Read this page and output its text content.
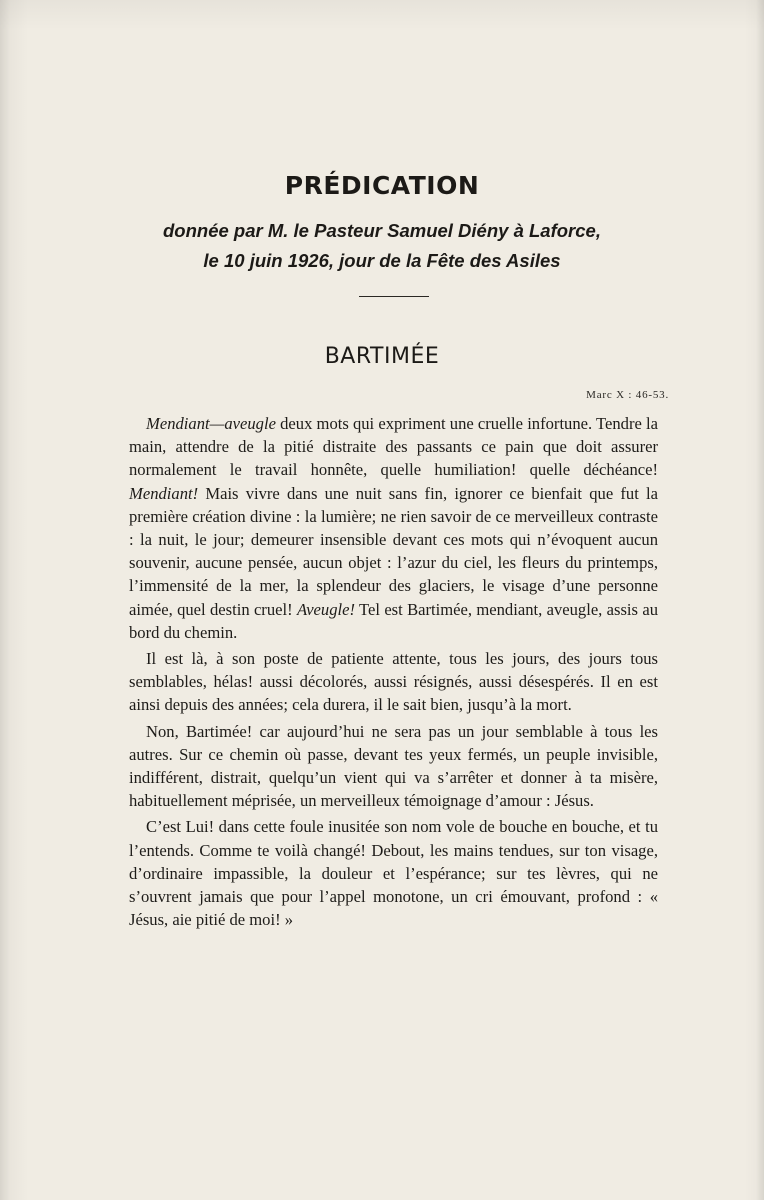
PRÉDICATION
donnée par M. le Pasteur Samuel Diény à Laforce,
le 10 juin 1926, jour de la Fête des Asiles
BARTIMÉE
Marc X : 46-53.

Mendiant—aveugle deux mots qui expriment une cruelle infortune. Tendre la main, attendre de la pitié distraite des passants ce pain que doit assurer normalement le travail honnête, quelle humiliation! quelle déchéance! Mendiant! Mais vivre dans une nuit sans fin, ignorer ce bienfait que fut la première création divine : la lumière; ne rien savoir de ce merveilleux contraste : la nuit, le jour; demeurer insensible devant ces mots qui n’évoquent aucun souvenir, aucune pensée, aucun objet : l’azur du ciel, les fleurs du printemps, l’immensité de la mer, la splendeur des glaciers, le visage d’une personne aimée, quel destin cruel! Aveugle! Tel est Bartimée, mendiant, aveugle, assis au bord du chemin.

Il est là, à son poste de patiente attente, tous les jours, des jours tous semblables, hélas! aussi décolorés, aussi résignés, aussi désespérés. Il en est ainsi depuis des années; cela durera, il le sait bien, jusqu’à la mort.

Non, Bartimée! car aujourd’hui ne sera pas un jour semblable à tous les autres. Sur ce chemin où passe, devant tes yeux fermés, un peuple invisible, indifférent, distrait, quelqu’un vient qui va s’arrêter et donner à ta misère, habituellement méprisée, un merveilleux témoignage d’amour : Jésus.

C’est Lui! dans cette foule inusitée son nom vole de bouche en bouche, et tu l’entends. Comme te voilà changé! Debout, les mains tendues, sur ton visage, d’ordinaire impassible, la douleur et l’espérance; sur tes lèvres, qui ne s’ouvrent jamais que pour l’appel monotone, un cri émouvant, profond : « Jésus, aie pitié de moi! »
